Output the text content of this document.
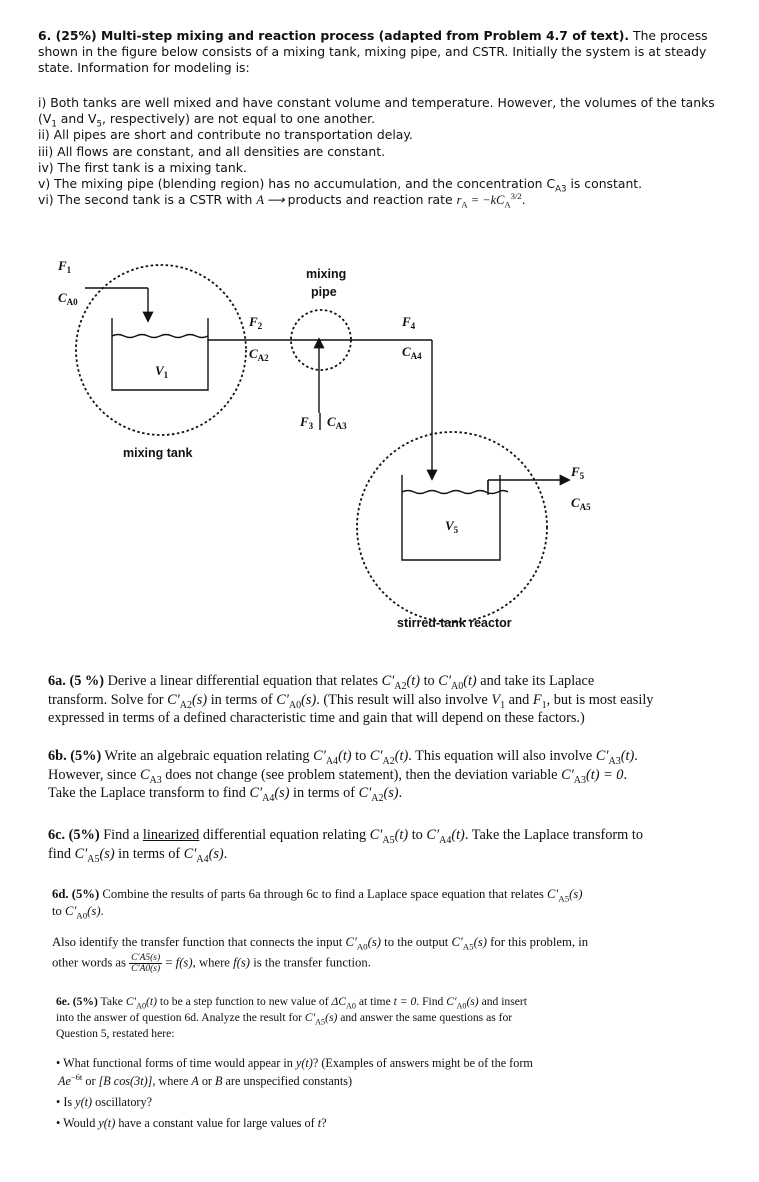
6. (25%) Multi-step mixing and reaction process (adapted from Problem 4.7 of text). The process shown in the figure below consists of a mixing tank, mixing pipe, and CSTR. Initially the system is at steady state. Information for modeling is:

i) Both tanks are well mixed and have constant volume and temperature. However, the volumes of the tanks ($V_1$ and $V_5$, respectively) are not equal to one another.

ii) All pipes are short and contribute no transportation delay.

iii) All flows are constant, and all densities are constant.

iv) The first tank is a mixing tank.

v) The mixing pipe (blending region) has no accumulation, and the concentration $C_{A3}$ is constant.

vi) The second tank is a CSTR with A ⟶ products and reaction rate $r_A = -kC_A^{3/2}$.

$F_1$
$C_{A0}$
$F_2$
$C_{A2}$
$V_1$
$F_4$
$C_{A4}$
$F_3$ $C_{A3}$
$F_5$
$C_{A5}$
$V_5$
mixing
pipe
mixing tank
stirred-tank reactor

6a. (5 %) Derive a linear differential equation that relates $C'_{A2}(t)$ to $C'_{A0}(t)$ and take its Laplace

transform. Solve for $C'_{A2}(s)$ in terms of $C'_{A0}(s)$. (This result will also involve $V_1$ and $F_1$, but is most easily

expressed in terms of a defined characteristic time and gain that will depend on these factors.)

6b. (5%) Write an algebraic equation relating $C'_{A4}(t)$ to $C'_{A2}(t)$. This equation will also involve $C'_{A3}(t)$.

However, since $C_{A3}$ does not change (see problem statement), then the deviation variable $C'_{A3}(t) = 0$.

Take the Laplace transform to find $C'_{A4}(s)$ in terms of $C'_{A2}(s)$.

6c. (5%) Find a linearized differential equation relating $C'_{A5}(t)$ to $C'_{A4}(t)$. Take the Laplace transform to

find $C'_{A5}(s)$ in terms of $C'_{A4}(s)$.

6d. (5%) Combine the results of parts 6a through 6c to find a Laplace space equation that relates $C'_{A5}(s)$

to $C'_{A0}(s)$.

Also identify the transfer function that connects the input $C'_{A0}(s)$ to the output $C'_{A5}(s)$ for this problem, in

other words as $\frac{C'A5(s)}{C'A0(s)} = f(s)$, where f(s) is the transfer function.

6e. (5%) Take $C'_{A0}(t)$ to be a step function to new value of $\Delta C_{A0}$ at time t = 0. Find $C'_{A0}(s)$ and insert

into the answer of question 6d. Analyze the result for $C'_{A5}(s)$ and answer the same questions as for

Question 5, restated here:

• What functional forms of time would appear in y(t)? (Examples of answers might be of the form

$Ae^{-6t}$ or [B cos(3t)], where A or B are unspecified constants)

• Is y(t) oscillatory?

• Would y(t) have a constant value for large values of t?
